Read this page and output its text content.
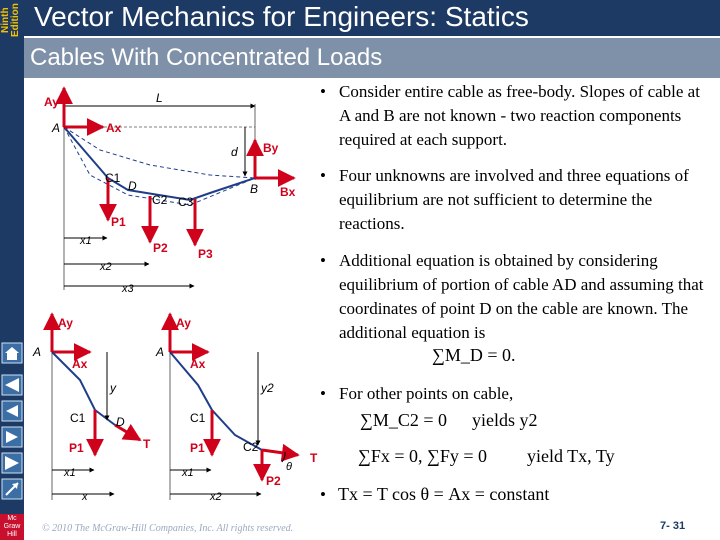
Ninth Edition
Mc Graw Hill
Vector Mechanics for Engineers: Statics
Cables With Concentrated Loads
L
d
Ay
Ax
A
By
Bx
B
P1
P2	P3
C1
D
C2 C3
x1
x2
x3
Ay
Ax
A
y
P1	T
C1	D
x1
x
Ay
Ax
A
y2
P1
P2
T
θ
C1
C2
x1
x2
• Consider entire cable as free-body. Slopes of cable at A and B are not known - two reaction components required at each support.
• Four unknowns are involved and three equations of equilibrium are not sufficient to determine the reactions.
• Additional equation is obtained by considering equilibrium of portion of cable AD and assuming that coordinates of point D on the cable are known. The additional equation is
• For other points on cable,
•
∑M_D = 0.
∑M_C2 = 0 yields y2
∑Fx = 0, ∑Fy = 0 yield Tx, Ty
Tx = T cos θ = Ax = constant
© 2010 The McGraw-Hill Companies, Inc. All rights reserved.	7- 31
